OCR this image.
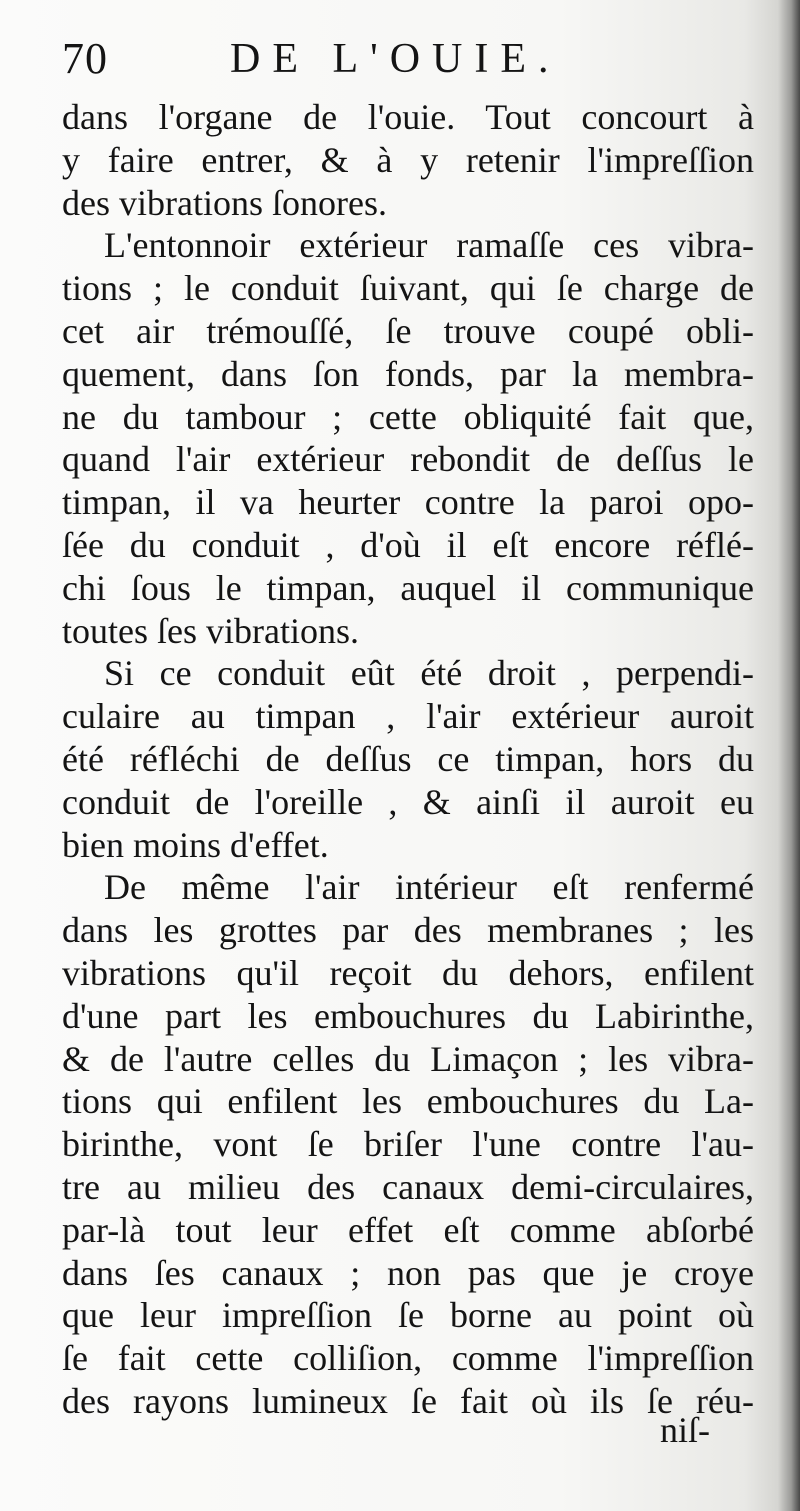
70	DE L'OUIE.
dans l'organe de l'ouie. Tout concourt à
y faire entrer, & à y retenir l'impreſſion
des vibrations ſonores.
L'entonnoir extérieur ramaſſe ces vibra-
tions ; le conduit ſuivant, qui ſe charge de
cet air trémouſſé, ſe trouve coupé obli-
quement, dans ſon fonds, par la membra-
ne du tambour ; cette obliquité fait que,
quand l'air extérieur rebondit de deſſus le
timpan, il va heurter contre la paroi opo-
ſée du conduit , d'où il eſt encore réflé-
chi ſous le timpan, auquel il communique
toutes ſes vibrations.
Si ce conduit eût été droit , perpendi-
culaire au timpan , l'air extérieur auroit
été réfléchi de deſſus ce timpan, hors du
conduit de l'oreille , & ainſi il auroit eu
bien moins d'effet.
De même l'air intérieur eſt renfermé
dans les grottes par des membranes ; les
vibrations qu'il reçoit du dehors, enfilent
d'une part les embouchures du Labirinthe,
& de l'autre celles du Limaçon ; les vibra-
tions qui enfilent les embouchures du La-
birinthe, vont ſe briſer l'une contre l'au-
tre au milieu des canaux demi-circulaires,
par-là tout leur effet eſt comme abſorbé
dans ſes canaux ; non pas que je croye
que leur impreſſion ſe borne au point où
ſe fait cette colliſion, comme l'impreſſion
des rayons lumineux ſe fait où ils ſe réu-
niſ-
